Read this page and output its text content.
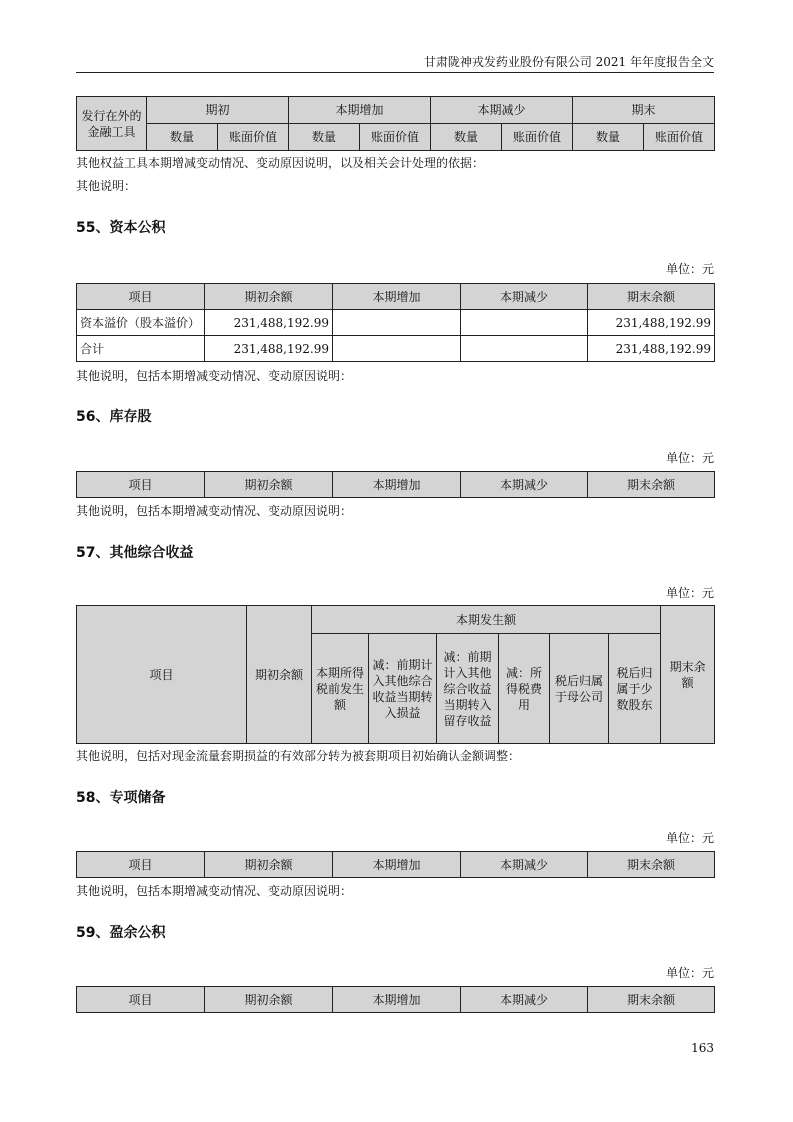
甘肃陇神戎发药业股份有限公司 2021 年年度报告全文
发行在外的金融工具	期初		本期增加		本期减少		期末	
	数量	账面价值	数量	账面价值	数量	账面价值	数量	账面价值
其他权益工具本期增减变动情况、变动原因说明，以及相关会计处理的依据：
其他说明：
55、资本公积
单位：元
项目	期初余额	本期增加	本期减少	期末余额
资本溢价（股本溢价）	231,488,192.99			231,488,192.99
合计	231,488,192.99			231,488,192.99
其他说明，包括本期增减变动情况、变动原因说明：
56、库存股
单位：元
项目	期初余额	本期增加	本期减少	期末余额
其他说明，包括本期增减变动情况、变动原因说明：
57、其他综合收益
单位：元
项目	期初余额	本期发生额						期末余额
		本期所得税前发生额	减：前期计入其他综合收益当期转入损益	减：前期计入其他综合收益当期转入留存收益	减：所得税费用	税后归属于母公司	税后归属于少数股东	
其他说明，包括对现金流量套期损益的有效部分转为被套期项目初始确认金额调整：
58、专项储备
单位：元
项目	期初余额	本期增加	本期减少	期末余额
其他说明，包括本期增减变动情况、变动原因说明：
59、盈余公积
单位：元
项目	期初余额	本期增加	本期减少	期末余额
163
